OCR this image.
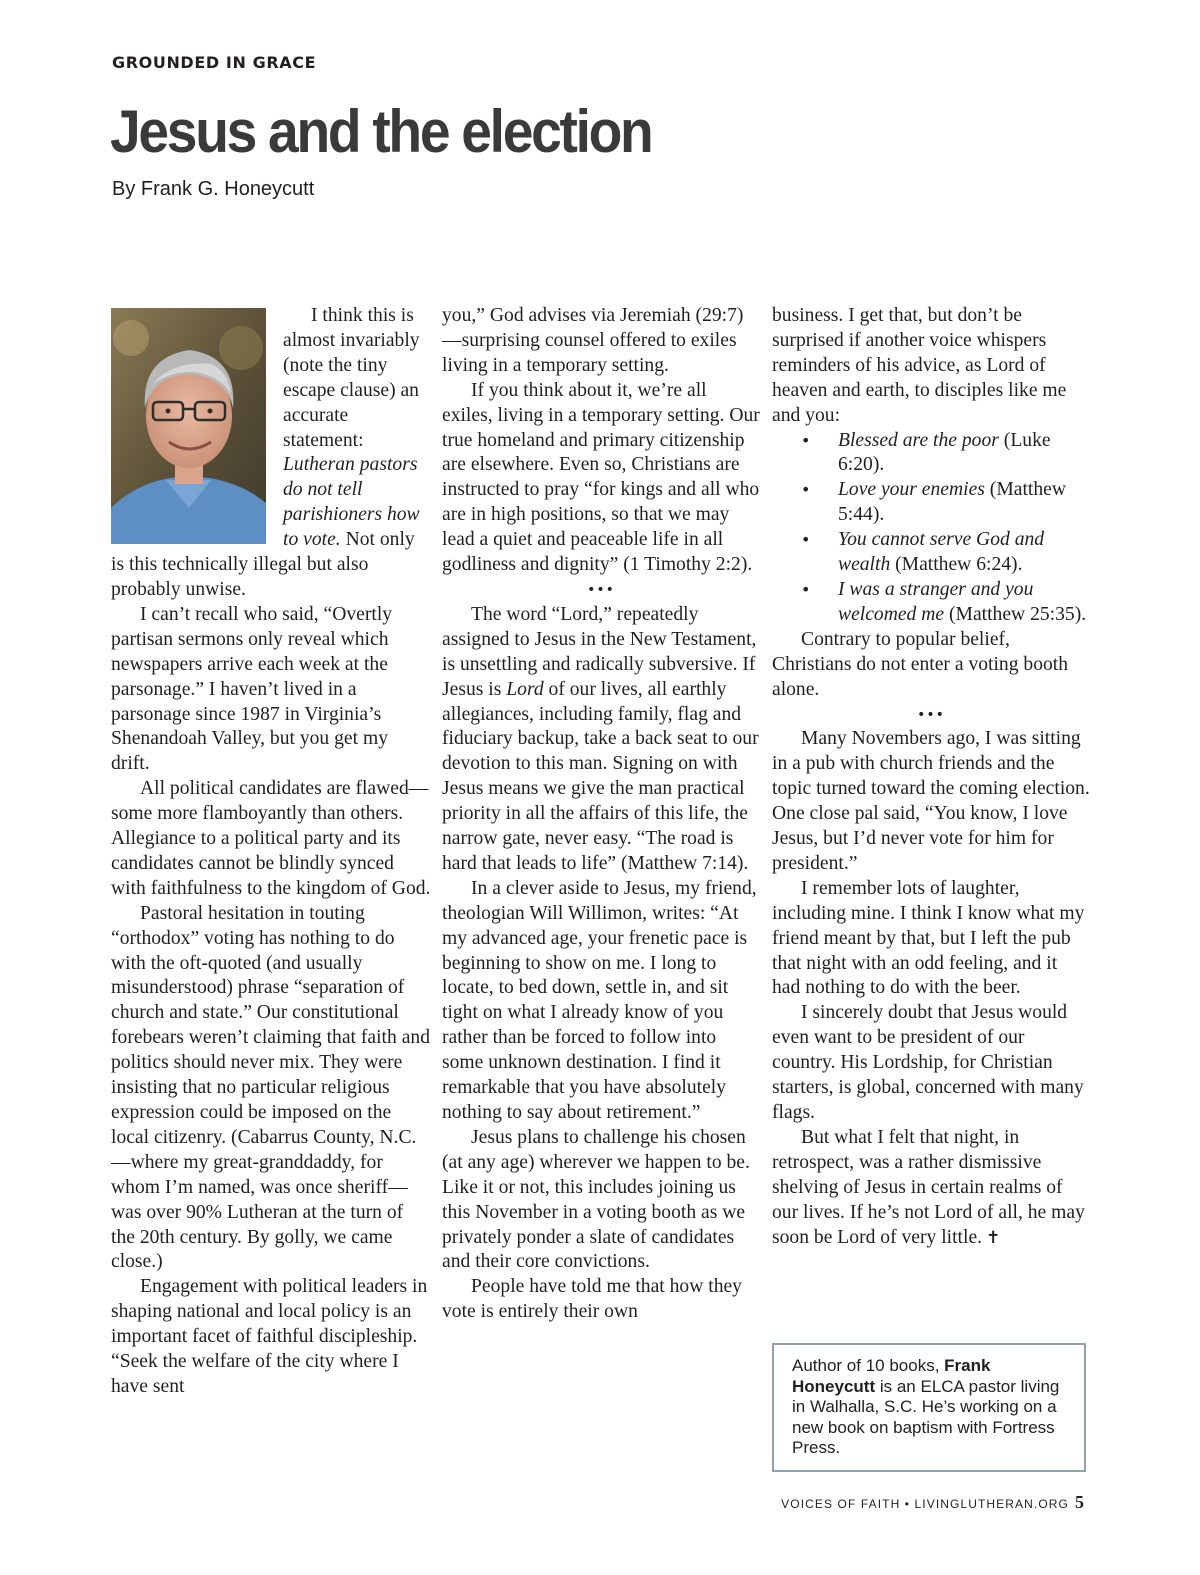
GROUNDED IN GRACE
Jesus and the election
By Frank G. Honeycutt

I think this is almost invariably (note the tiny escape clause) an accurate statement: Lutheran pastors do not tell parishioners how to vote. Not only is this technically illegal but also probably unwise.

I can’t recall who said, “Overtly partisan sermons only reveal which newspapers arrive each week at the parsonage.” I haven’t lived in a parsonage since 1987 in Virginia’s Shenandoah Valley, but you get my drift.

All political candidates are flawed—some more flamboyantly than others. Allegiance to a political party and its candidates cannot be blindly synced with faithfulness to the kingdom of God.

Pastoral hesitation in touting “orthodox” voting has nothing to do with the oft-quoted (and usually misunderstood) phrase “separation of church and state.” Our constitutional forebears weren’t claiming that faith and politics should never mix. They were insisting that no particular religious expression could be imposed on the local citizenry. (Cabarrus County, N.C.—where my great-granddaddy, for whom I’m named, was once sheriff—was over 90% Lutheran at the turn of the 20th century. By golly, we came close.)

Engagement with political leaders in shaping national and local policy is an important facet of faithful discipleship. “Seek the welfare of the city where I have sent

you,” God advises via Jeremiah (29:7)—surprising counsel offered to exiles living in a temporary setting.

If you think about it, we’re all exiles, living in a temporary setting. Our true homeland and primary citizenship are elsewhere. Even so, Christians are instructed to pray “for kings and all who are in high positions, so that we may lead a quiet and peaceable life in all godliness and dignity” (1 Timothy 2:2).

•••

The word “Lord,” repeatedly assigned to Jesus in the New Testament, is unsettling and radically subversive. If Jesus is Lord of our lives, all earthly allegiances, including family, flag and fiduciary backup, take a back seat to our devotion to this man. Signing on with Jesus means we give the man practical priority in all the affairs of this life, the narrow gate, never easy. “The road is hard that leads to life” (Matthew 7:14).

In a clever aside to Jesus, my friend, theologian Will Willimon, writes: “At my advanced age, your frenetic pace is beginning to show on me. I long to locate, to bed down, settle in, and sit tight on what I already know of you rather than be forced to follow into some unknown destination. I find it remarkable that you have absolutely nothing to say about retirement.”

Jesus plans to challenge his chosen (at any age) wherever we happen to be. Like it or not, this includes joining us this November in a voting booth as we privately ponder a slate of candidates and their core convictions.

People have told me that how they vote is entirely their own

business. I get that, but don’t be surprised if another voice whispers reminders of his advice, as Lord of heaven and earth, to disciples like me and you:

• Blessed are the poor (Luke 6:20).
• Love your enemies (Matthew 5:44).
• You cannot serve God and wealth (Matthew 6:24).
• I was a stranger and you welcomed me (Matthew 25:35).

Contrary to popular belief, Christians do not enter a voting booth alone.

•••

Many Novembers ago, I was sitting in a pub with church friends and the topic turned toward the coming election. One close pal said, “You know, I love Jesus, but I’d never vote for him for president.”

I remember lots of laughter, including mine. I think I know what my friend meant by that, but I left the pub that night with an odd feeling, and it had nothing to do with the beer.

I sincerely doubt that Jesus would even want to be president of our country. His Lordship, for Christian starters, is global, concerned with many flags.

But what I felt that night, in retrospect, was a rather dismissive shelving of Jesus in certain realms of our lives. If he’s not Lord of all, he may soon be Lord of very little. ✝

Author of 10 books, Frank Honeycutt is an ELCA pastor living in Walhalla, S.C. He’s working on a new book on baptism with Fortress Press.
VOICES OF FAITH • LIVINGLUTHERAN.ORG 5
